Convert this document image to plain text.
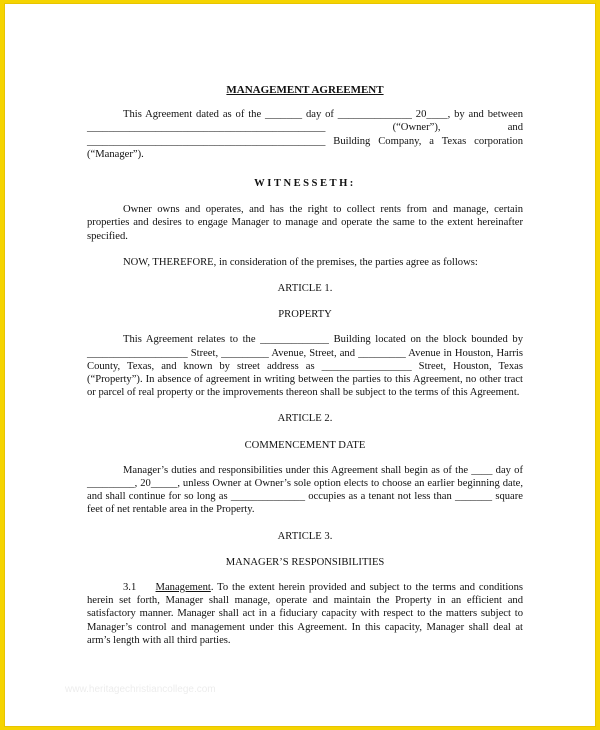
MANAGEMENT AGREEMENT

This Agreement dated as of the _______ day of ______________ 20____, by and between _____________________________________________ (“Owner”), and _____________________________________________ Building Company, a Texas corporation (“Manager”).

WITNESSETH:

Owner owns and operates, and has the right to collect rents from and manage, certain properties and desires to engage Manager to manage and operate the same to the extent hereinafter specified.

NOW, THEREFORE, in consideration of the premises, the parties agree as follows:

ARTICLE 1.

PROPERTY

This Agreement relates to the _____________ Building located on the block bounded by ___________________ Street, _________ Avenue, Street, and _________ Avenue in Houston, Harris County, Texas, and known by street address as _________________ Street, Houston, Texas (“Property”). In absence of agreement in writing between the parties to this Agreement, no other tract or parcel of real property or the improvements thereon shall be subject to the terms of this Agreement.

ARTICLE 2.

COMMENCEMENT DATE

Manager’s duties and responsibilities under this Agreement shall begin as of the ____ day of _________, 20_____, unless Owner at Owner’s sole option elects to choose an earlier beginning date, and shall continue for so long as ______________ occupies as a tenant not less than _______ square feet of net rentable area in the Property.

ARTICLE 3.

MANAGER’S RESPONSIBILITIES

3.1 Management. To the extent herein provided and subject to the terms and conditions herein set forth, Manager shall manage, operate and maintain the Property in an efficient and satisfactory manner. Manager shall act in a fiduciary capacity with respect to the matters subject to Manager’s control and management under this Agreement. In this capacity, Manager shall deal at arm’s length with all third parties.

www.heritagechristiancollege.com
